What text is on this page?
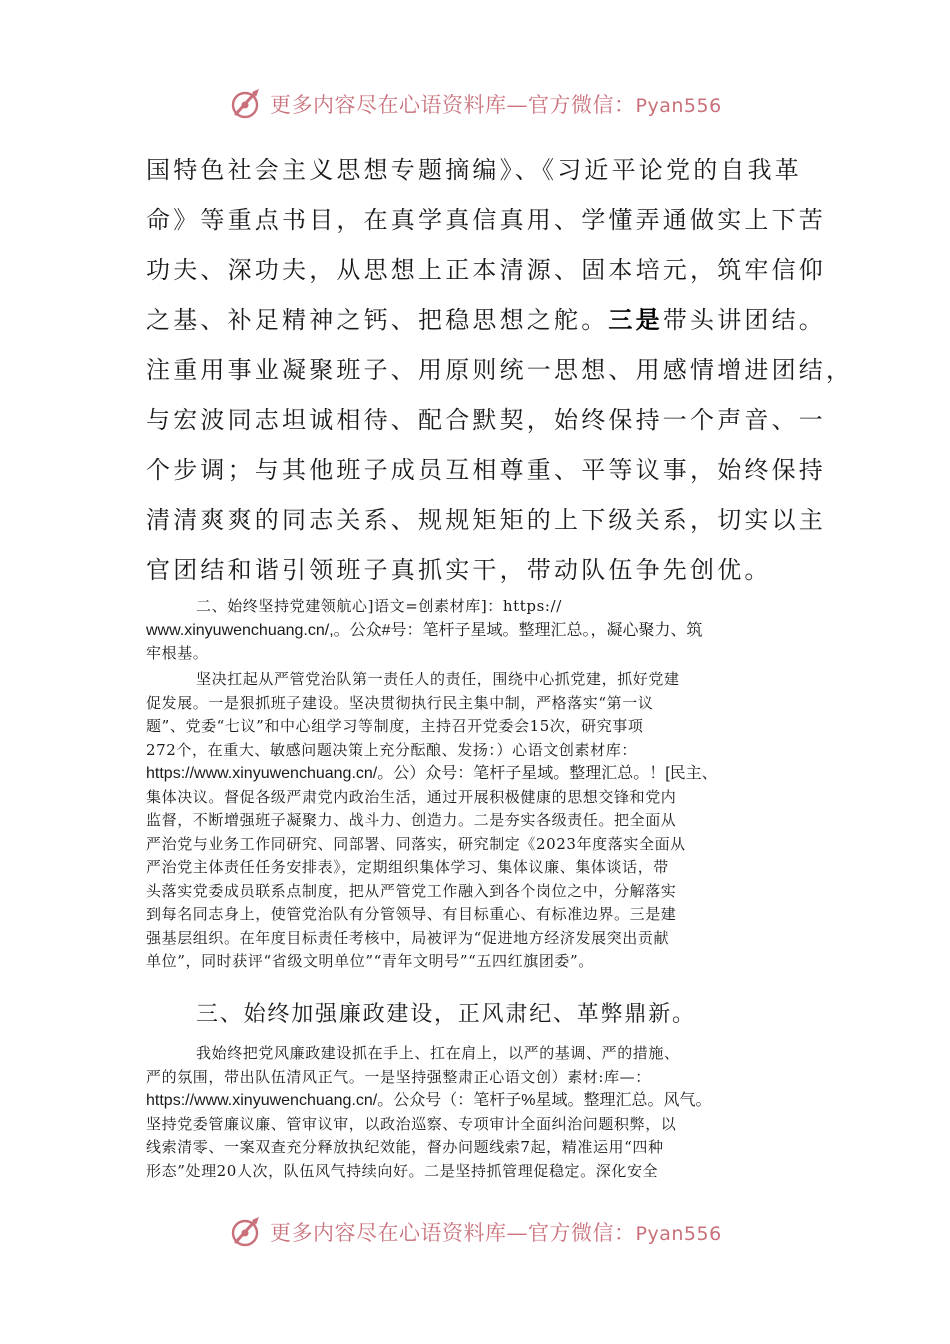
更多内容尽在心语资料库—官方微信：Pyan556
国特色社会主义思想专题摘编》、《习近平论党的自我革
命》等重点书目，在真学真信真用、学懂弄通做实上下苦
功夫、深功夫，从思想上正本清源、固本培元，筑牢信仰
之基、补足精神之钙、把稳思想之舵。三是带头讲团结。
注重用事业凝聚班子、用原则统一思想、用感情增进团结，
与宏波同志坦诚相待、配合默契，始终保持一个声音、一
个步调；与其他班子成员互相尊重、平等议事，始终保持
清清爽爽的同志关系、规规矩矩的上下级关系，切实以主
官团结和谐引领班子真抓实干，带动队伍争先创优。
二、始终坚持党建领航心]语文=创素材库]：https://
www.xinyuwenchuang.cn/,。公众#号：笔杆子星域。整理汇总。，凝心聚力、筑
牢根基。
坚决扛起从严管党治队第一责任人的责任，围绕中心抓党建，抓好党建
促发展。一是狠抓班子建设。坚决贯彻执行民主集中制，严格落实“第一议
题”、党委“七议”和中心组学习等制度，主持召开党委会15次，研究事项
272个，在重大、敏感问题决策上充分酝酿、发扬：）心语文创素材库：
https://www.xinyuwenchuang.cn/。公）众号：笔杆子星域。整理汇总。！[民主、
集体决议。督促各级严肃党内政治生活，通过开展积极健康的思想交锋和党内
监督，不断增强班子凝聚力、战斗力、创造力。二是夯实各级责任。把全面从
严治党与业务工作同研究、同部署、同落实，研究制定《2023年度落实全面从
严治党主体责任任务安排表》，定期组织集体学习、集体议廉、集体谈话，带
头落实党委成员联系点制度，把从严管党工作融入到各个岗位之中，分解落实
到每名同志身上，使管党治队有分管领导、有目标重心、有标准边界。三是建
强基层组织。在年度目标责任考核中，局被评为“促进地方经济发展突出贡献
单位”，同时获评“省级文明单位”“青年文明号”“五四红旗团委”。
三、始终加强廉政建设，正风肃纪、革弊鼎新。
我始终把党风廉政建设抓在手上、扛在肩上，以严的基调、严的措施、
严的氛围，带出队伍清风正气。一是坚持强整肃正心语文创）素材:库—：
https://www.xinyuwenchuang.cn/。公众号（：笔杆子%星域。整理汇总。风气。
坚持党委管廉议廉、管审议审，以政治巡察、专项审计全面纠治问题积弊，以
线索清零、一案双查充分释放执纪效能，督办问题线索7起，精准运用“四种
形态”处理20人次，队伍风气持续向好。二是坚持抓管理促稳定。深化安全
更多内容尽在心语资料库—官方微信：Pyan556
